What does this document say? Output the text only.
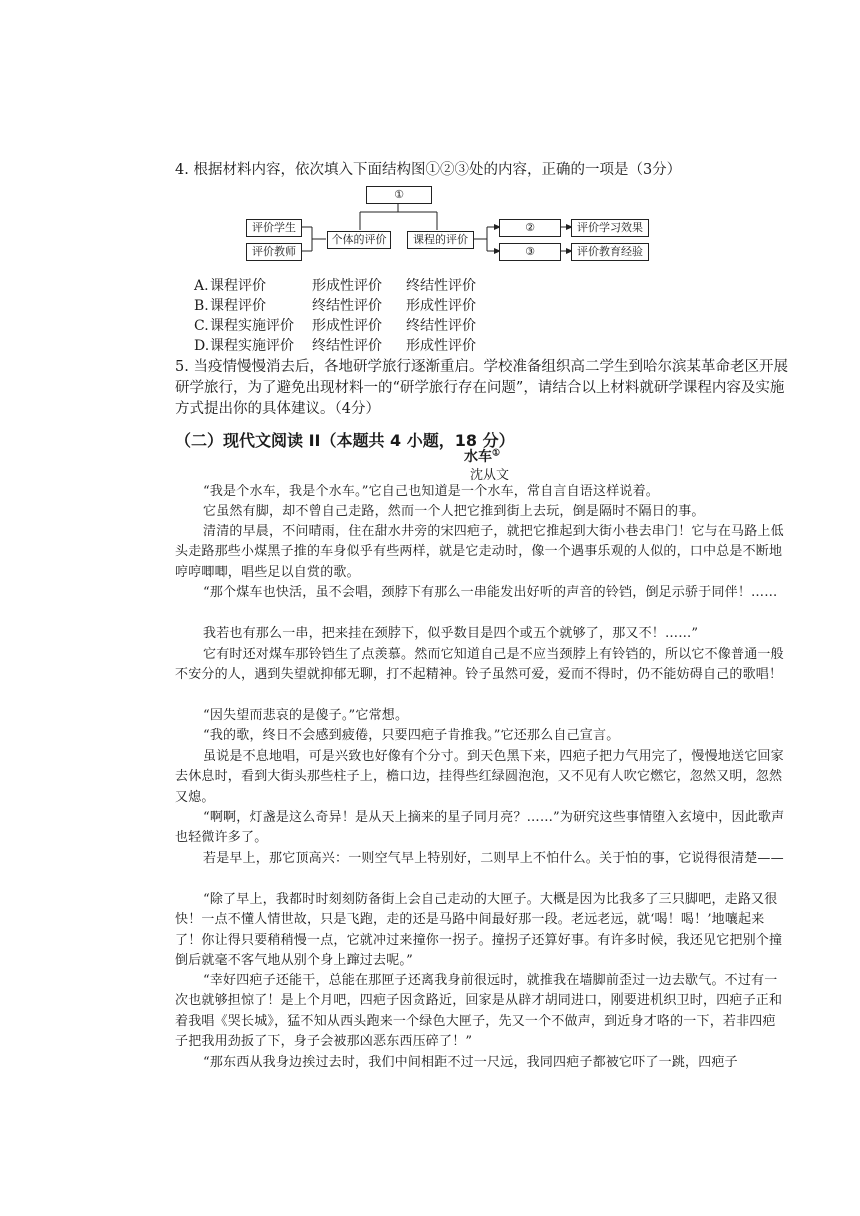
4. 根据材料内容，依次填入下面结构图①②③处的内容，正确的一项是（3分）
①
个体的评价	课程的评价
评价学生
评价教师
②
③
评价学习效果
评价教育经验
A.课程评价	形成性评价 终结性评价
B.课程评价	终结性评价 形成性评价
C.课程实施评价 形成性评价 终结性评价
D.课程实施评价 终结性评价 形成性评价
5. 当疫情慢慢消去后，各地研学旅行逐渐重启。学校准备组织高二学生到哈尔滨某革命老区开展
研学旅行，为了避免出现材料一的“研学旅行存在问题”，请结合以上材料就研学课程内容及实施
方式提出你的具体建议。（4分）
（二）现代文阅读 II（本题共 4 小题，18 分）
水车①
沈从文
“我是个水车，我是个水车。”它自己也知道是一个水车，常自言自语这样说着。
它虽然有脚，却不曾自己走路，然而一个人把它推到街上去玩，倒是隔时不隔日的事。
清清的早晨，不问晴雨，住在甜水井旁的宋四疤子，就把它推起到大街小巷去串门！它与在马路上低头走路那些小煤黑子推的车身似乎有些两样，就是它走动时，像一个遇事乐观的人似的，口中总是不断地哼哼唧唧，唱些足以自赏的歌。
“那个煤车也快活，虽不会唱，颈脖下有那么一串能发出好听的声音的铃铛，倒足示骄于同伴！……
我若也有那么一串，把来挂在颈脖下，似乎数目是四个或五个就够了，那又不！……”
它有时还对煤车那铃铛生了点羡慕。然而它知道自己是不应当颈脖上有铃铛的，所以它不像普通一般不安分的人，遇到失望就抑郁无聊，打不起精神。铃子虽然可爱，爱而不得时，仍不能妨碍自己的歌唱！
“因失望而悲哀的是傻子。”它常想。
“我的歌，终日不会感到疲倦，只要四疤子肯推我。”它还那么自己宣言。
虽说是不息地唱，可是兴致也好像有个分寸。到天色黑下来，四疤子把力气用完了，慢慢地送它回家去休息时，看到大街头那些柱子上，檐口边，挂得些红绿圆泡泡，又不见有人吹它燃它，忽然又明，忽然又熄。
“啊啊，灯盏是这么奇异！是从天上摘来的星子同月亮？……”为研究这些事情堕入玄境中，因此歌声也轻微许多了。
若是早上，那它顶高兴：一则空气早上特别好，二则早上不怕什么。关于怕的事，它说得很清楚——
“除了早上，我都时时刻刻防备街上会自己走动的大匣子。大概是因为比我多了三只脚吧，走路又很快！一点不懂人情世故，只是飞跑，走的还是马路中间最好那一段。老远老远，就‘喝！喝！’地嚷起来了！你让得只要稍稍慢一点，它就冲过来撞你一拐子。撞拐子还算好事。有许多时候，我还见它把别个撞倒后就毫不客气地从别个身上蹿过去呢。”
“幸好四疤子还能干，总能在那匣子还离我身前很远时，就推我在墙脚前歪过一边去歇气。不过有一次也就够担惊了！是上个月吧，四疤子因贪路近，回家是从辟才胡同进口，刚要进机织卫时，四疤子正和着我唱《哭长城》，猛不知从西头跑来一个绿色大匣子，先又一个不做声，到近身才咯的一下，若非四疤子把我用劲扳了下，身子会被那凶恶东西压碎了！”
“那东西从我身边挨过去时，我们中间相距不过一尺远，我同四疤子都被它吓了一跳，四疤子
